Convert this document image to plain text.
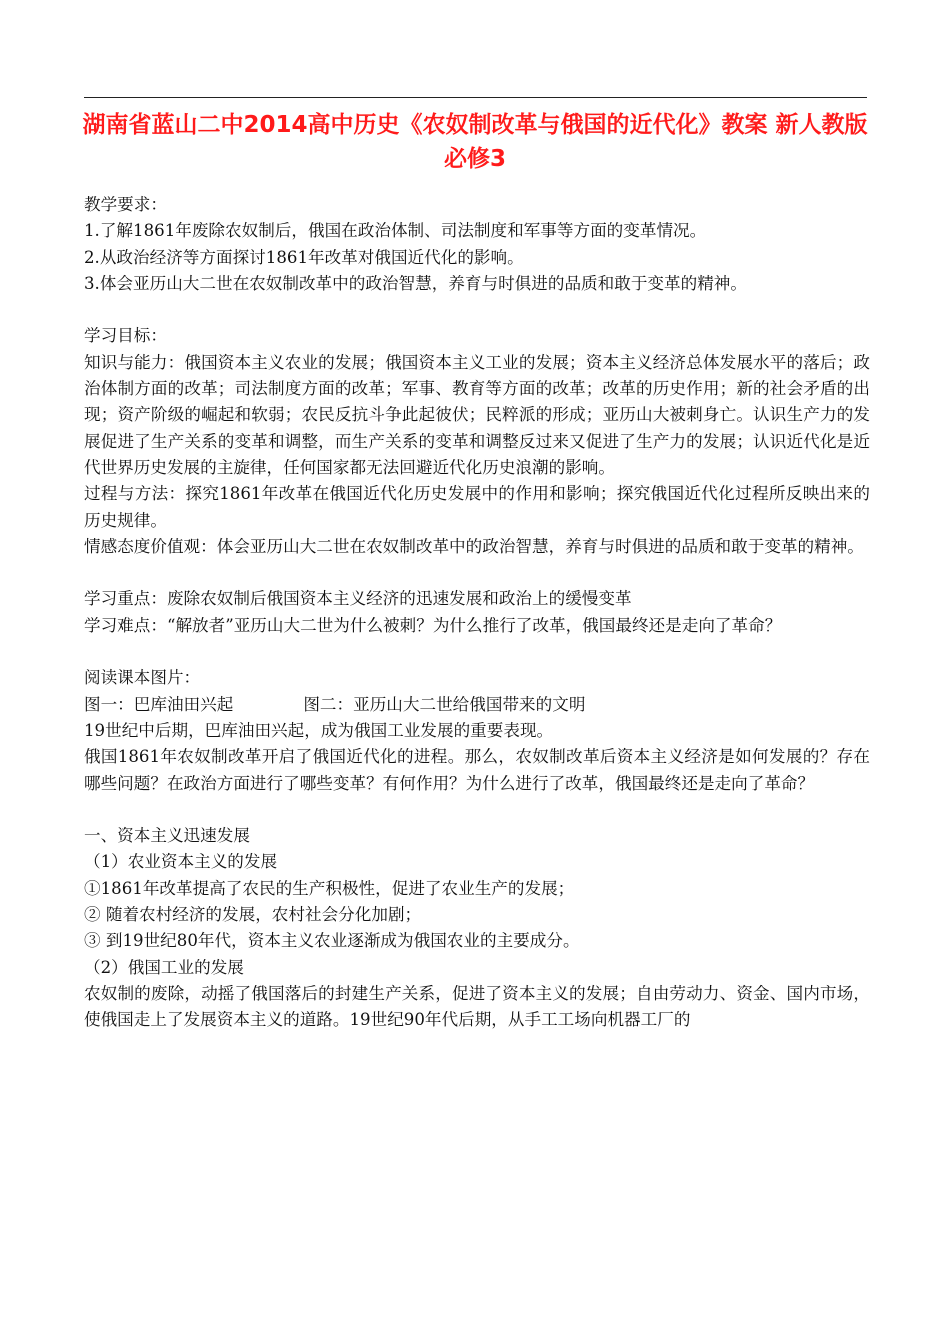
湖南省蓝山二中2014高中历史《农奴制改革与俄国的近代化》教案 新人教版必修3
教学要求：
1.了解1861年废除农奴制后，俄国在政治体制、司法制度和军事等方面的变革情况。
2.从政治经济等方面探讨1861年改革对俄国近代化的影响。
3.体会亚历山大二世在农奴制改革中的政治智慧，养育与时俱进的品质和敢于变革的精神。
学习目标：
知识与能力：俄国资本主义农业的发展；俄国资本主义工业的发展；资本主义经济总体发展水平的落后；政治体制方面的改革；司法制度方面的改革；军事、教育等方面的改革；改革的历史作用；新的社会矛盾的出现；资产阶级的崛起和软弱；农民反抗斗争此起彼伏；民粹派的形成；亚历山大被刺身亡。认识生产力的发展促进了生产关系的变革和调整，而生产关系的变革和调整反过来又促进了生产力的发展；认识近代化是近代世界历史发展的主旋律，任何国家都无法回避近代化历史浪潮的影响。
过程与方法：探究1861年改革在俄国近代化历史发展中的作用和影响；探究俄国近代化过程所反映出来的历史规律。
情感态度价值观：体会亚历山大二世在农奴制改革中的政治智慧，养育与时俱进的品质和敢于变革的精神。
学习重点：废除农奴制后俄国资本主义经济的迅速发展和政治上的缓慢变革
学习难点：“解放者”亚历山大二世为什么被刺？为什么推行了改革，俄国最终还是走向了革命？
阅读课本图片：
图一：巴库油田兴起	图二：亚历山大二世给俄国带来的文明
19世纪中后期，巴库油田兴起，成为俄国工业发展的重要表现。
俄国1861年农奴制改革开启了俄国近代化的进程。那么，农奴制改革后资本主义经济是如何发展的？存在哪些问题？在政治方面进行了哪些变革？有何作用？为什么进行了改革，俄国最终还是走向了革命？
一、资本主义迅速发展
（1）农业资本主义的发展
①1861年改革提高了农民的生产积极性，促进了农业生产的发展；
② 随着农村经济的发展，农村社会分化加剧；
③ 到19世纪80年代，资本主义农业逐渐成为俄国农业的主要成分。
（2）俄国工业的发展
农奴制的废除，动摇了俄国落后的封建生产关系，促进了资本主义的发展；自由劳动力、资金、国内市场，使俄国走上了发展资本主义的道路。19世纪90年代后期，从手工工场向机器工厂的
